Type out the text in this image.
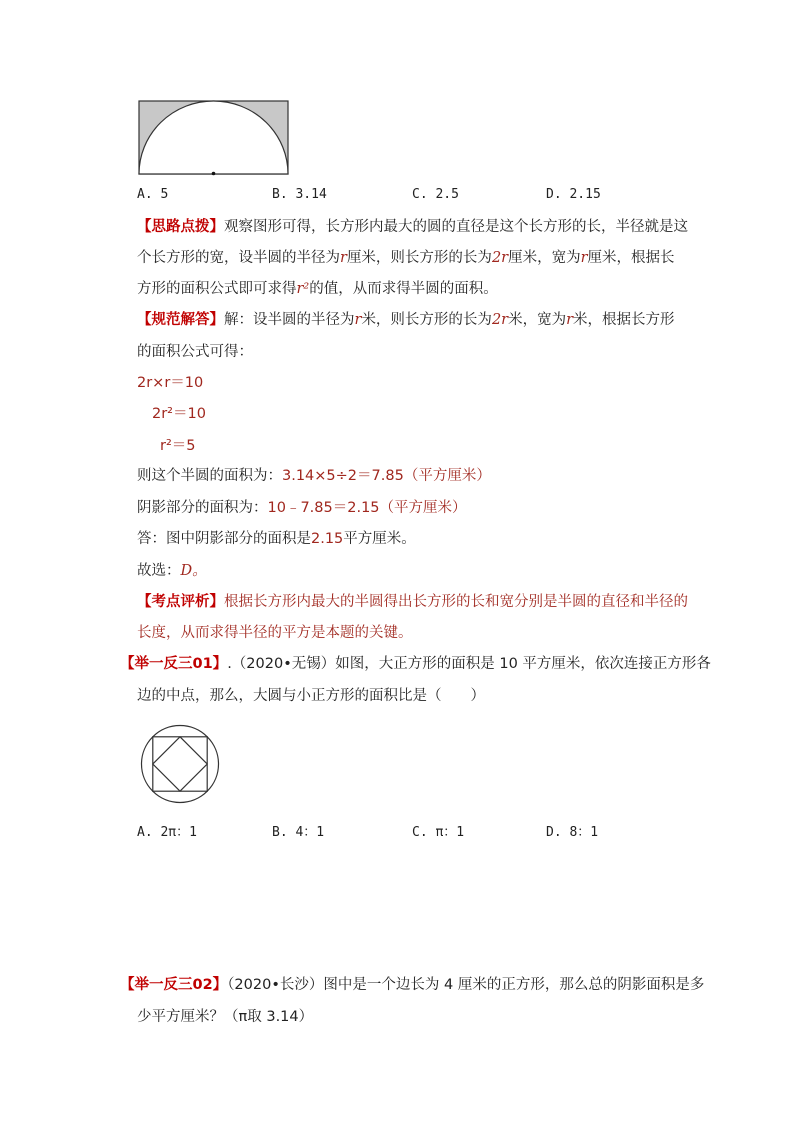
A. 5	B. 3.14	C. 2.5	D. 2.15
【思路点拨】观察图形可得，长方形内最大的圆的直径是这个长方形的长，半径就是这
个长方形的宽，设半圆的半径为r厘米，则长方形的长为2r厘米，宽为r厘米，根据长
方形的面积公式即可求得r²的值，从而求得半圆的面积。
【规范解答】解：设半圆的半径为r米，则长方形的长为2r米，宽为r米，根据长方形
的面积公式可得：
2r×r＝10
2r²＝10
r²＝5
则这个半圆的面积为：3.14×5÷2＝7.85（平方厘米）
阴影部分的面积为：10﹣7.85＝2.15（平方厘米）
答：图中阴影部分的面积是2.15平方厘米。
故选：D。
【考点评析】根据长方形内最大的半圆得出长方形的长和宽分别是半圆的直径和半径的
长度，从而求得半径的平方是本题的关键。
【举一反三01】.（2020•无锡）如图，大正方形的面积是 10 平方厘米，依次连接正方形各
边的中点，那么，大圆与小正方形的面积比是（　　）
A. 2π：1	B. 4：1	C. π：1	D. 8：1
【举一反三02】（2020•长沙）图中是一个边长为 4 厘米的正方形，那么总的阴影面积是多
少平方厘米？（π取 3.14）
